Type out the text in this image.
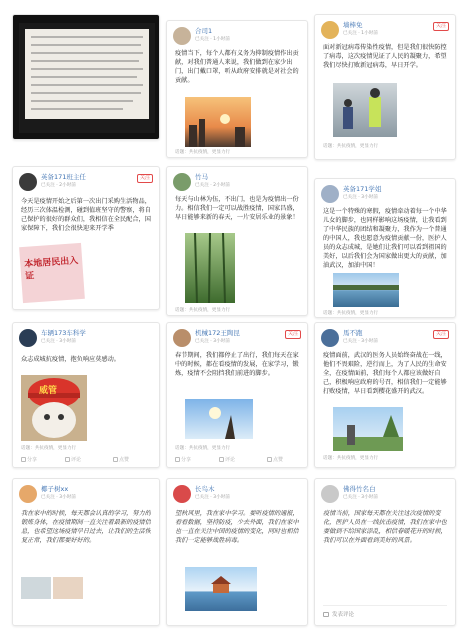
英备171班主任
已关注 · 2小时前
关注
今天是疫情开始之后第一次出门采购生活物品，经历三次体温检测，碰到值班坚守的警察，将自己保护的很好的群众们，我相信在全民配合，国家保障下，我们会很快迎来开学季
本地居民出入证
车辆173车科学
已关注 · 3小时前
众志成城抗疫情，抱负响应莫感动。
威管
话题：共抗疫情，更显力行
分享	评论	点赞
椰子树xx
已关注 · 3小时前
我在家中的时候，每天都会认真的学习，努力的锻炼身体，在疫情期间一直关注着最新的疫情信息，也希望这场疫情早日过去，让我们的生活恢复正常，我们都要好好的。
合司1
已关注 · 1小时前
疫情当下，每个人都有义务为抑制疫情作出贡献，对我们普通人来说，我们做到在家少出门，出门戴口罩，听从政府安排就是对社会的贡献。
话题：共抗疫情，更显力行
竹马
已关注 · 2小时前
每天与山林为伍，不出门，也是为疫情出一份力。相信我们一定可以战胜疫情，国家昌盛，早日能够来新的春天，一片安居乐业的景象！
话题：共抗疫情，更显力行
机械172王陶昆
已关注 · 3小时前
关注
春节期间，我们都停止了出行，我们每天在家中的时候，都在看疫情的发展，在家学习，锻炼，疫情不会阻挡我们前进的脚步。
话题：共抗疫情，更显力行
分享	评论	点赞
长鸟木
已关注 · 3小时前
望秋风里，我在家中学习。要听疫情的通报，看看数据，坚持防疫，少去外面，我们在家中也一直在关注中国的疫情的变化，同时也相信我们一定能够战胜病毒。
墙棒免
已关注 · 1小时前
关注
面对新冠病毒传染性疫情，但是我们很快防控了病毒，这次疫情见证了人民的凝聚力，希望我们尽快打败新冠病毒，早日开学。
话题：共抗疫情，更显力行
英备171学姐
已关注 · 3小时前
这是一个特殊的寒假，疫情牵动着每一个中华儿女的脚步，也同样影响这场疫情，让我看到了中华民族的团结和凝聚力，我作为一个普通的中国人，我也愿意为疫情贡献一份，医护人员的众志成城，是她们让我们可以看到祖国的美好，以后我们会为国家做出更大的贡献，加油武汉，加油中国！
话题：共抗疫情，更显力行
馬不跑
已关注 · 3小时前
关注
疫情面前，武汉的医务人员始终奋战在一线，他们不畏艰险，逆行而上，为了人民的生命安全，在疫情面前，我们每个人都应该做好自己，积极响应政府的号召，相信我们一定能够打败疫情，早日看到樱花盛开的武汉。
话题：共抗疫情，更显力行
佛得竹名白
已关注 · 3小时前
疫情当前，国家每天都在关注这次疫情的变化，医护人员在一线抗击疫情，我们在家中也要做到不给国家添乱，相信春暖花开的时候，我们可以在外面看到美好的风景。
发表评论
